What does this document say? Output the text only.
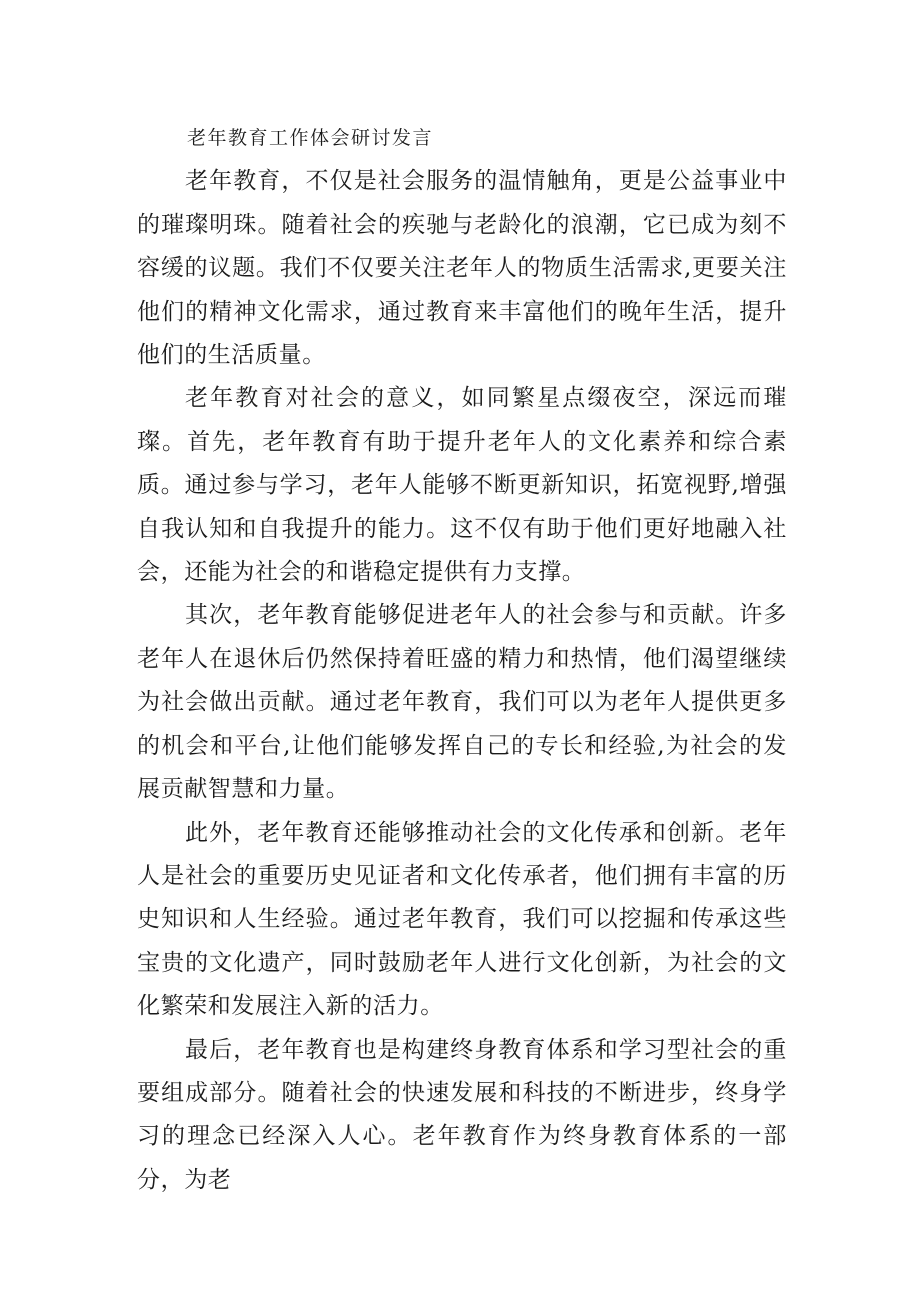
老年教育工作体会研讨发言

老年教育，不仅是社会服务的温情触角，更是公益事业中的璀璨明珠。随着社会的疾驰与老龄化的浪潮，它已成为刻不容缓的议题。我们不仅要关注老年人的物质生活需求,更要关注他们的精神文化需求，通过教育来丰富他们的晚年生活，提升他们的生活质量。

老年教育对社会的意义，如同繁星点缀夜空，深远而璀璨。首先，老年教育有助于提升老年人的文化素养和综合素质。通过参与学习，老年人能够不断更新知识，拓宽视野,增强自我认知和自我提升的能力。这不仅有助于他们更好地融入社会，还能为社会的和谐稳定提供有力支撑。

其次，老年教育能够促进老年人的社会参与和贡献。许多老年人在退休后仍然保持着旺盛的精力和热情，他们渴望继续为社会做出贡献。通过老年教育，我们可以为老年人提供更多的机会和平台,让他们能够发挥自己的专长和经验,为社会的发展贡献智慧和力量。

此外，老年教育还能够推动社会的文化传承和创新。老年人是社会的重要历史见证者和文化传承者，他们拥有丰富的历史知识和人生经验。通过老年教育，我们可以挖掘和传承这些宝贵的文化遗产，同时鼓励老年人进行文化创新，为社会的文化繁荣和发展注入新的活力。

最后，老年教育也是构建终身教育体系和学习型社会的重要组成部分。随着社会的快速发展和科技的不断进步，终身学习的理念已经深入人心。老年教育作为终身教育体系的一部分，为老
